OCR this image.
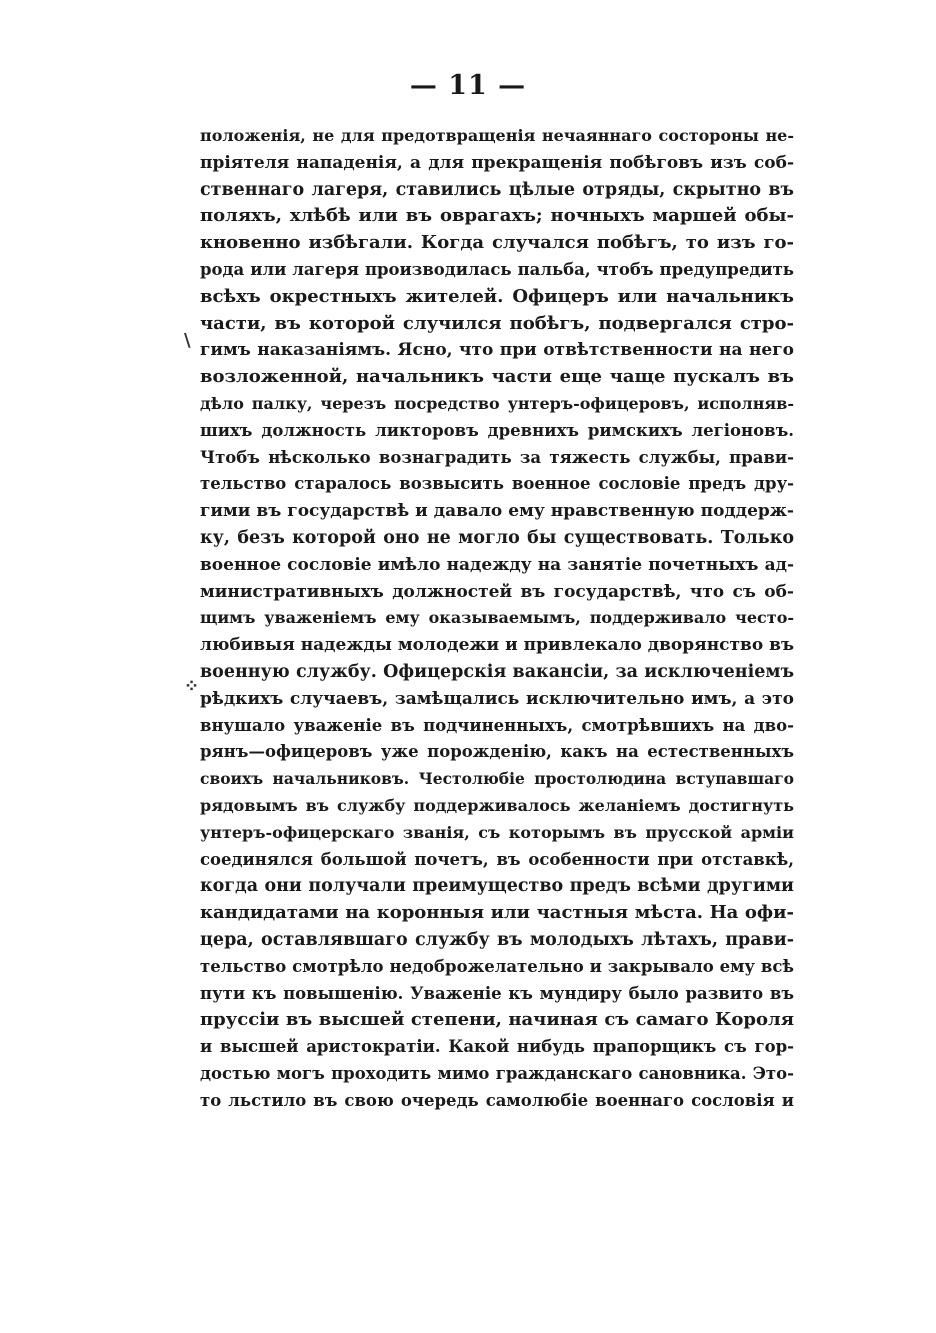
— 11 —
\
⁘
положенія, не для предотвращенія нечаяннаго состороны не-
пріятеля нападенія, а для прекращенія побѣговъ изъ соб-
ственнаго лагеря, ставились цѣлые отряды, скрытно въ
поляхъ, хлѣбѣ или въ оврагахъ; ночныхъ маршей обы-
кновенно избѣгали. Когда случался побѣгъ, то изъ го-
рода или лагеря производилась пальба, чтобъ предупредить
всѣхъ окрестныхъ жителей. Офицеръ или начальникъ
части, въ которой случился побѣгъ, подвергался стро-
гимъ наказаніямъ. Ясно, что при отвѣтственности на него
возложенной, начальникъ части еще чаще пускалъ въ
дѣло палку, черезъ посредство унтеръ-офицеровъ, исполняв-
шихъ должность ликторовъ древнихъ римскихъ легіоновъ.
Чтобъ нѣсколько вознаградить за тяжесть службы, прави-
тельство старалось возвысить военное сословіе предъ дру-
гими въ государствѣ и давало ему нравственную поддерж-
ку, безъ которой оно не могло бы существовать. Только
военное сословіе имѣло надежду на занятіе почетныхъ ад-
министративныхъ должностей въ государствѣ, что съ об-
щимъ уваженіемъ ему оказываемымъ, поддерживало често-
любивыя надежды молодежи и привлекало дворянство въ
военную службу. Офицерскія вакансіи, за исключеніемъ
рѣдкихъ случаевъ, замѣщались исключительно имъ, а это
внушало уваженіе въ подчиненныхъ, смотрѣвшихъ на дво-
рянъ—офицеровъ уже порожденію, какъ на естественныхъ
своихъ начальниковъ. Честолюбіе простолюдина вступавшаго
рядовымъ въ службу поддерживалось желаніемъ достигнуть
унтеръ-офицерскаго званія, съ которымъ въ прусской арміи
соединялся большой почетъ, въ особенности при отставкѣ,
когда они получали преимущество предъ всѣми другими
кандидатами на коронныя или частныя мѣста. На офи-
цера, оставлявшаго службу въ молодыхъ лѣтахъ, прави-
тельство смотрѣло недоброжелательно и закрывало ему всѣ
пути къ повышенію. Уваженіе къ мундиру было развито въ
пруссіи въ высшей степени, начиная съ самаго Короля
и высшей аристократіи. Какой нибудь прапорщикъ съ гор-
достью могъ проходить мимо гражданскаго сановника. Это-
то льстило въ свою очередь самолюбіе военнаго сословія и
